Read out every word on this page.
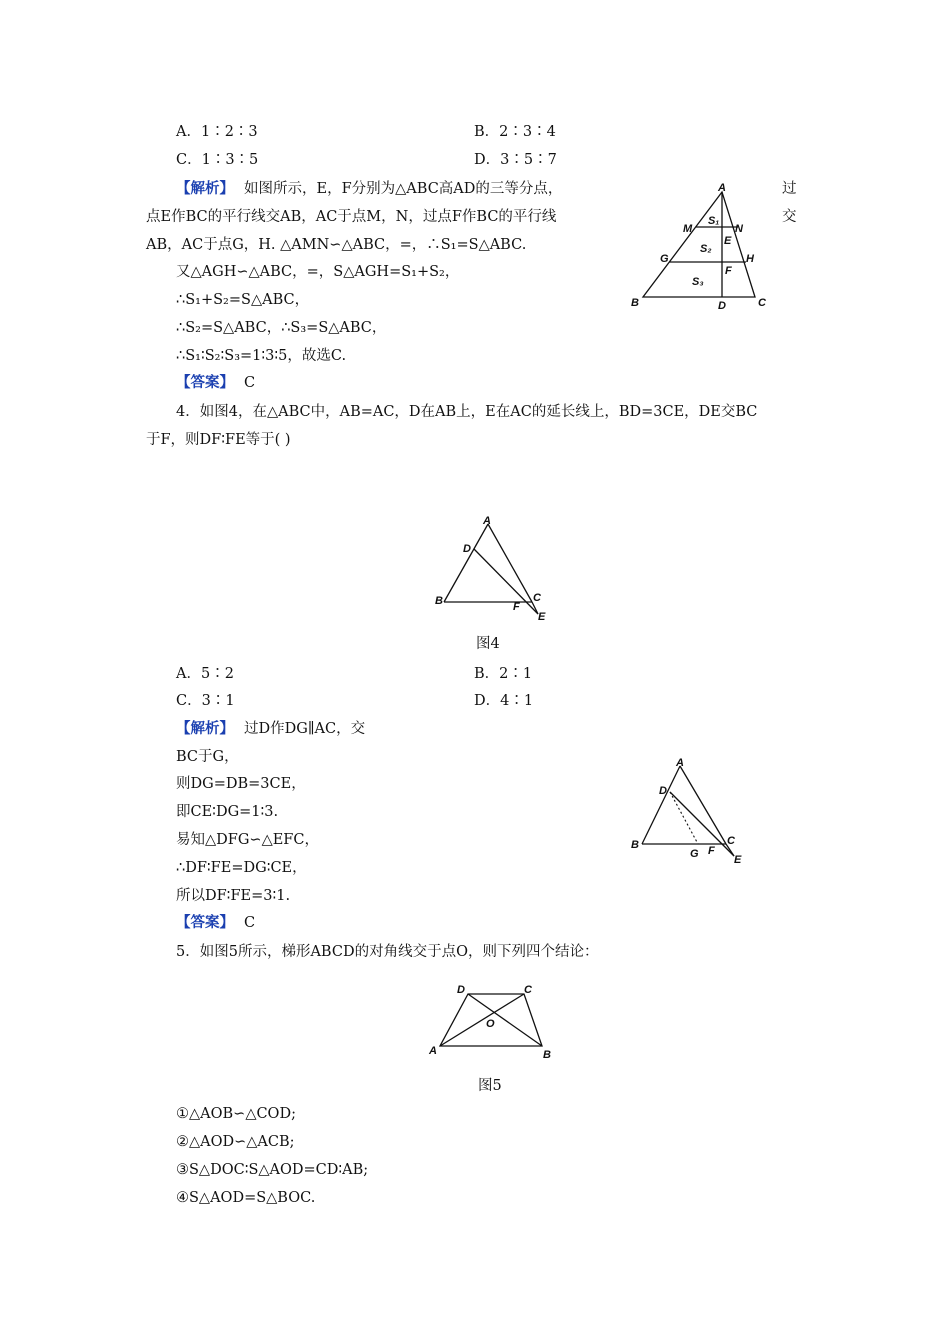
A．1∶2∶3	B．2∶3∶4
C．1∶3∶5	D．3∶5∶7
【解析】 如图所示，E，F分别为△ABC高AD的三等分点，	过
点E作BC的平行线交AB，AC于点M，N，过点F作BC的平行线	交
AB，AC于点G，H. △AMN∽△ABC，=，∴S₁=S△ABC.
又△AGH∽△ABC，=，S△AGH=S₁+S₂，
∴S₁+S₂=S△ABC，
∴S₂=S△ABC，∴S₃=S△ABC，
∴S₁∶S₂∶S₃=1∶3∶5，故选C.
【答案】 C
A
B	C
D
M	N
E
G	H
F
S₁
S₂
S₃
4．如图4，在△ABC中，AB=AC，D在AB上，E在AC的延长线上，BD=3CE，DE交BC
于F，则DF∶FE等于( )
A
D
B	F
C
E
图4
A．5∶2	B．2∶1
C．3∶1	D．4∶1
【解析】 过D作DG∥AC，交
BC于G，
则DG=DB=3CE，
即CE∶DG=1∶3.
易知△DFG∽△EFC，
∴DF∶FE=DG∶CE，
所以DF∶FE=3∶1.
【答案】 C
A
D
B
G F
C
E
5．如图5所示，梯形ABCD的对角线交于点O，则下列四个结论：
D	C
O
A	B
图5
①△AOB∽△COD;
②△AOD∽△ACB;
③S△DOC∶S△AOD=CD∶AB;
④S△AOD=S△BOC.
